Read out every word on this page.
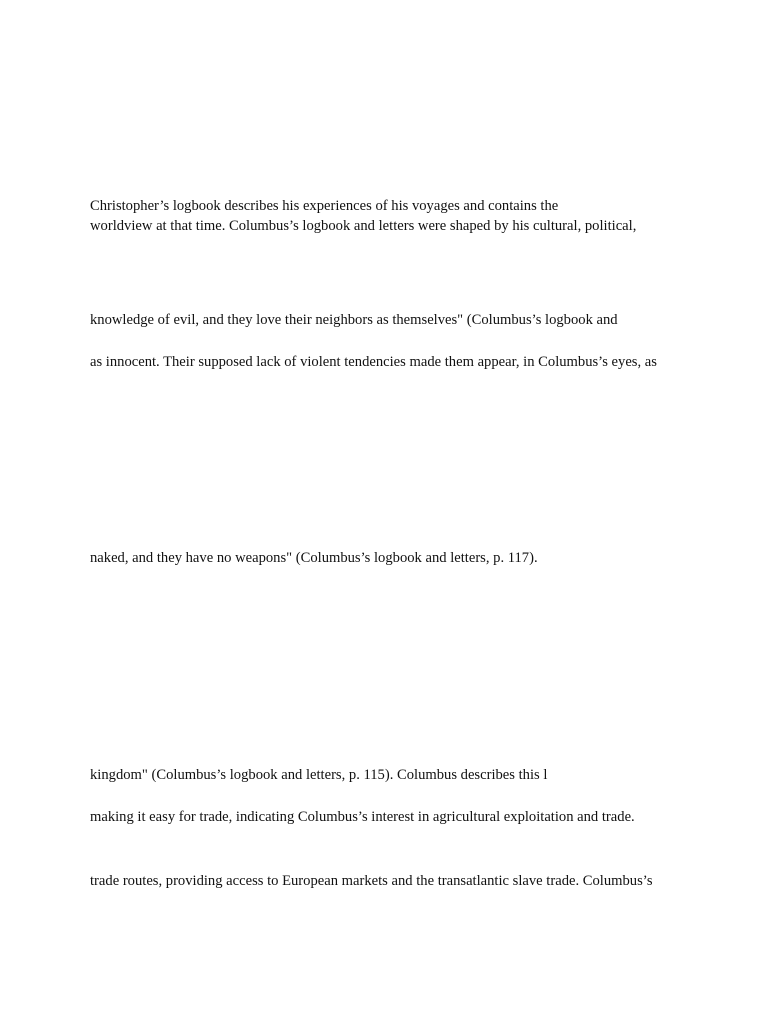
Christopher’s logbook describes his experiences of his voyages and contains the
worldview at that time. Columbus’s logbook and letters were shaped by his cultural, political,
knowledge of evil, and they love their neighbors as themselves" (Columbus’s logbook and
as innocent. Their supposed lack of violent tendencies made them appear, in Columbus’s eyes, as
naked, and they have no weapons" (Columbus’s logbook and letters, p. 117).
kingdom" (Columbus’s logbook and letters, p. 115). Columbus describes this l
making it easy for trade, indicating Columbus’s interest in agricultural exploitation and trade.
trade routes, providing access to European markets and the transatlantic slave trade. Columbus’s
